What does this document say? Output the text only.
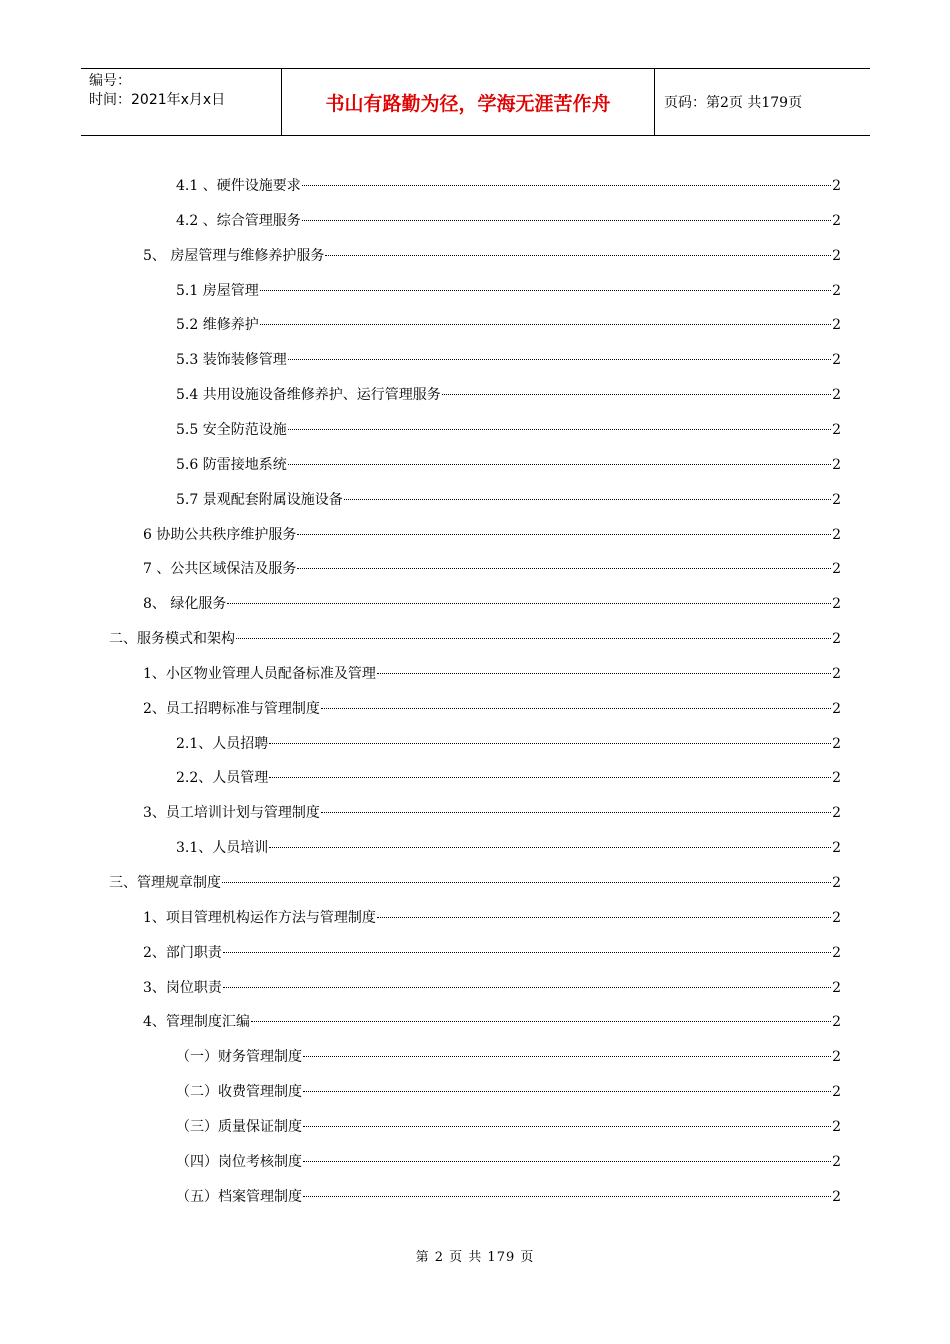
编号：
时间：2021年x月x日	书山有路勤为径，学海无涯苦作舟	页码：第2页 共179页
4.1 、硬件设施要求	2
4.2 、综合管理服务	2
5、 房屋管理与维修养护服务	2
5.1 房屋管理	2
5.2 维修养护	2
5.3 装饰装修管理	2
5.4 共用设施设备维修养护、运行管理服务	2
5.5 安全防范设施	2
5.6 防雷接地系统	2
5.7 景观配套附属设施设备	2
6 协助公共秩序维护服务	2
7 、公共区域保洁及服务	2
8、 绿化服务	2
二、服务模式和架构	2
1、小区物业管理人员配备标准及管理	2
2、员工招聘标准与管理制度	2
2.1、人员招聘	2
2.2、人员管理	2
3、员工培训计划与管理制度	2
3.1、人员培训	2
三、管理规章制度	2
1、项目管理机构运作方法与管理制度	2
2、部门职责	2
3、岗位职责	2
4、管理制度汇编	2
（一）财务管理制度	2
（二）收费管理制度	2
（三）质量保证制度	2
（四）岗位考核制度	2
（五）档案管理制度	2
第 2 页 共 179 页
